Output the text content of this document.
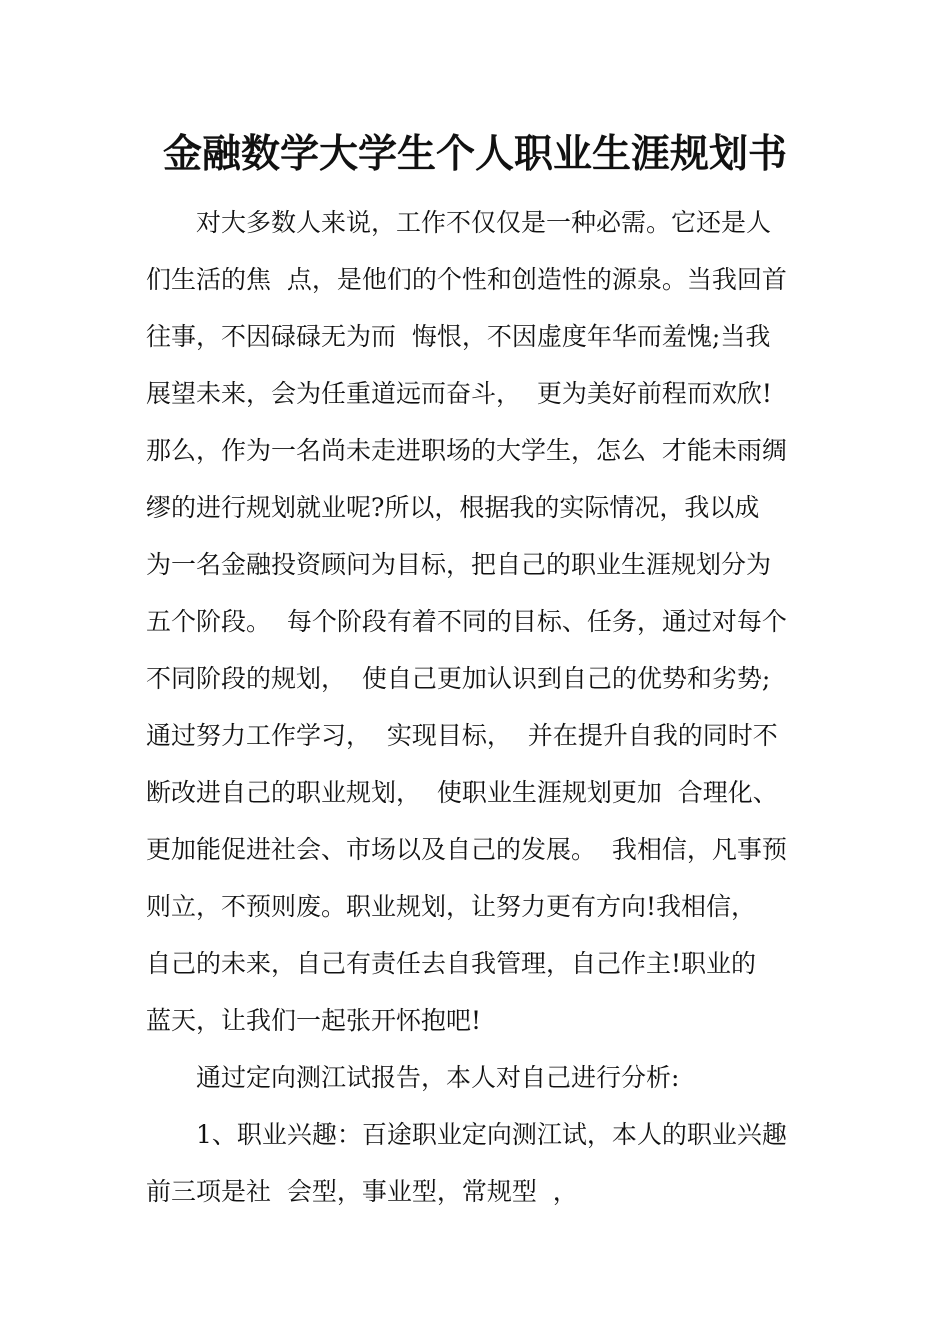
金融数学大学生个人职业生涯规划书
对大多数人来说，工作不仅仅是一种必需。它还是人
们生活的焦  点，是他们的个性和创造性的源泉。当我回首
往事，不因碌碌无为而  悔恨，不因虚度年华而羞愧;当我
展望未来，会为任重道远而奋斗，  更为美好前程而欢欣!
那么，作为一名尚未走进职场的大学生，怎么  才能未雨绸
缪的进行规划就业呢?所以，根据我的实际情况，我以成
为一名金融投资顾问为目标，把自己的职业生涯规划分为
五个阶段。  每个阶段有着不同的目标、任务，通过对每个
不同阶段的规划，  使自己更加认识到自己的优势和劣势;
通过努力工作学习，  实现目标，  并在提升自我的同时不
断改进自己的职业规划，  使职业生涯规划更加  合理化、
更加能促进社会、市场以及自己的发展。  我相信，凡事预
则立，不预则废。职业规划，让努力更有方向!我相信，
自己的未来，自己有责任去自我管理，自己作主!职业的
蓝天，让我们一起张开怀抱吧!
通过定向测江试报告，本人对自己进行分析:
1、职业兴趣：百途职业定向测江试，本人的职业兴趣
前三项是社  会型，事业型，常规型  ，
